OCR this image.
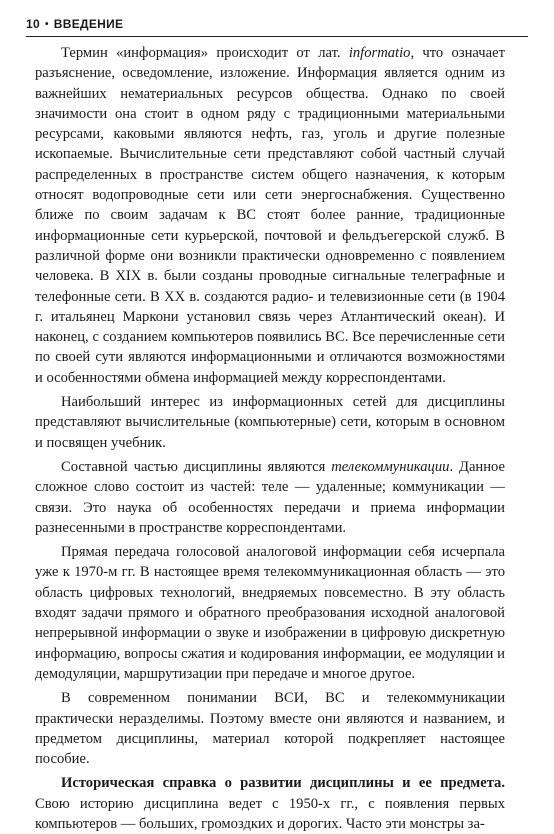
10 • ВВЕДЕНИЕ

Термин «информация» происходит от лат. informatio, что означает разъяснение, осведомление, изложение. Информация является одним из важнейших нематериальных ресурсов общества. Однако по своей значимости она стоит в одном ряду с традиционными материальными ресурсами, каковыми являются нефть, газ, уголь и другие полезные ископаемые. Вычислительные сети представляют собой частный случай распределенных в пространстве систем общего назначения, к которым относят водопроводные сети или сети энергоснабжения. Существенно ближе по своим задачам к ВС стоят более ранние, традиционные информационные сети курьерской, почтовой и фельдъегерской служб. В различной форме они возникли практически одновременно с появлением человека. В XIX в. были созданы проводные сигнальные телеграфные и телефонные сети. В XX в. создаются радио- и телевизионные сети (в 1904 г. итальянец Маркони установил связь через Атлантический океан). И наконец, с созданием компьютеров появились ВС. Все перечисленные сети по своей сути являются информационными и отличаются возможностями и особенностями обмена информацией между корреспондентами.

Наибольший интерес из информационных сетей для дисциплины представляют вычислительные (компьютерные) сети, которым в основном и посвящен учебник.

Составной частью дисциплины являются телекоммуникации. Данное сложное слово состоит из частей: теле — удаленные; коммуникации — связи. Это наука об особенностях передачи и приема информации разнесенными в пространстве корреспондентами.

Прямая передача голосовой аналоговой информации себя исчерпала уже к 1970-м гг. В настоящее время телекоммуникационная область — это область цифровых технологий, внедряемых повсеместно. В эту область входят задачи прямого и обратного преобразования исходной аналоговой непрерывной информации о звуке и изображении в цифровую дискретную информацию, вопросы сжатия и кодирования информации, ее модуляции и демодуляции, маршрутизации при передаче и многое другое.

В современном понимании ВСИ, ВС и телекоммуникации практически неразделимы. Поэтому вместе они являются и названием, и предметом дисциплины, материал которой подкрепляет настоящее пособие.

Историческая справка о развитии дисциплины и ее предмета. Свою историю дисциплина ведет с 1950-х гг., с появления первых компьютеров — больших, громоздких и дорогих. Часто эти монстры за-
